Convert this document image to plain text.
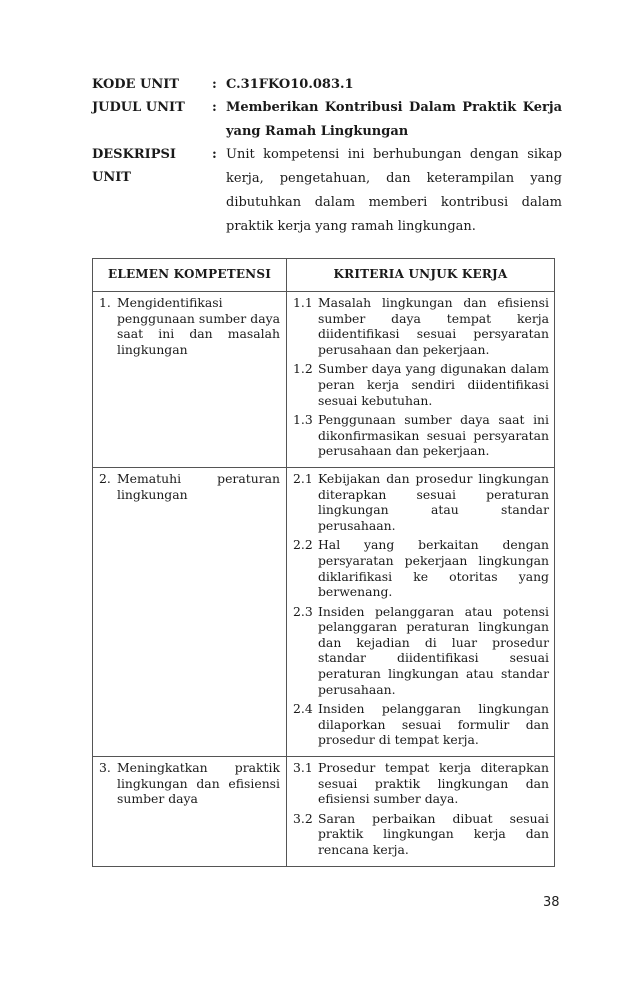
KODE UNIT	: C.31FKO10.083.1
JUDUL UNIT	: Memberikan Kontribusi Dalam Praktik Kerja yang Ramah Lingkungan
DESKRIPSI UNIT
: Unit kompetensi ini berhubungan dengan sikap kerja, pengetahuan, dan keterampilan yang dibutuhkan dalam memberi kontribusi dalam praktik kerja yang ramah lingkungan.
ELEMEN KOMPETENSI	KRITERIA UNJUK KERJA

1. Mengidentifikasi penggunaan sumber daya saat ini dan masalah lingkungan

1.1 Masalah lingkungan dan efisiensi sumber daya tempat kerja diidentifikasi sesuai persyaratan perusahaan dan pekerjaan.
1.2 Sumber daya yang digunakan dalam peran kerja sendiri diidentifikasi sesuai kebutuhan.
1.3 Penggunaan sumber daya saat ini dikonfirmasikan sesuai persyaratan perusahaan dan pekerjaan.

2. Mematuhi peraturan lingkungan

2.1 Kebijakan dan prosedur lingkungan diterapkan sesuai peraturan lingkungan atau standar perusahaan.
2.2 Hal yang berkaitan dengan persyaratan pekerjaan lingkungan diklarifikasi ke otoritas yang berwenang.
2.3 Insiden pelanggaran atau potensi pelanggaran peraturan lingkungan dan kejadian di luar prosedur standar diidentifikasi sesuai peraturan lingkungan atau standar perusahaan.
2.4 Insiden pelanggaran lingkungan dilaporkan sesuai formulir dan prosedur di tempat kerja.

3. Meningkatkan praktik lingkungan dan efisiensi sumber daya

3.1 Prosedur tempat kerja diterapkan sesuai praktik lingkungan dan efisiensi sumber daya.
3.2 Saran perbaikan dibuat sesuai praktik lingkungan kerja dan rencana kerja.
38
